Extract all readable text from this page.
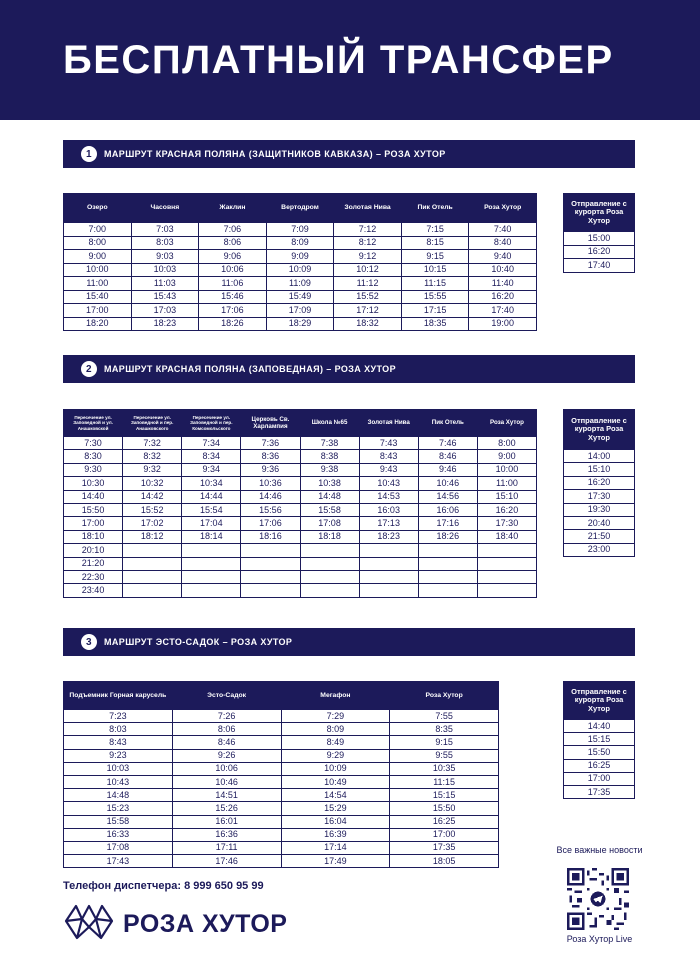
БЕСПЛАТНЫЙ ТРАНСФЕР
1	МАРШРУТ КРАСНАЯ ПОЛЯНА (ЗАЩИТНИКОВ КАВКАЗА) – РОЗА ХУТОР
Озеро	Часовня	Жаклин	Вертодром	Золотая Нива	Пик Отель	Роза Хутор
7:00	7:03	7:06	7:09	7:12	7:15	7:40
8:00	8:03	8:06	8:09	8:12	8:15	8:40
9:00	9:03	9:06	9:09	9:12	9:15	9:40
10:00	10:03	10:06	10:09	10:12	10:15	10:40
11:00	11:03	11:06	11:09	11:12	11:15	11:40
15:40	15:43	15:46	15:49	15:52	15:55	16:20
17:00	17:03	17:06	17:09	17:12	17:15	17:40
18:20	18:23	18:26	18:29	18:32	18:35	19:00
Отправление с курорта Роза Хутор
15:00
16:20
17:40
2	МАРШРУТ КРАСНАЯ ПОЛЯНА (ЗАПОВЕДНАЯ) – РОЗА ХУТОР
Пересечение ул. Заповедной и ул. Анашковской	Пересечение ул. Заповедной и пер. Анашковского	Пересечение ул. Заповедной и пер. Комсомольского	Церковь Св. Харлампия	Школа №65	Золотая Нива	Пик Отель	Роза Хутор
7:30	7:32	7:34	7:36	7:38	7:43	7:46	8:00
8:30	8:32	8:34	8:36	8:38	8:43	8:46	9:00
9:30	9:32	9:34	9:36	9:38	9:43	9:46	10:00
10:30	10:32	10:34	10:36	10:38	10:43	10:46	11:00
14:40	14:42	14:44	14:46	14:48	14:53	14:56	15:10
15:50	15:52	15:54	15:56	15:58	16:03	16:06	16:20
17:00	17:02	17:04	17:06	17:08	17:13	17:16	17:30
18:10	18:12	18:14	18:16	18:18	18:23	18:26	18:40
20:10							
21:20							
22:30							
23:40							
Отправление с курорта Роза Хутор
14:00
15:10
16:20
17:30
19:30
20:40
21:50
23:00
3	МАРШРУТ ЭСТО-САДОК – РОЗА ХУТОР
Подъемник Горная карусель	Эсто-Садок	Мегафон	Роза Хутор
7:23	7:26	7:29	7:55
8:03	8:06	8:09	8:35
8:43	8:46	8:49	9:15
9:23	9:26	9:29	9:55
10:03	10:06	10:09	10:35
10:43	10:46	10:49	11:15
14:48	14:51	14:54	15:15
15:23	15:26	15:29	15:50
15:58	16:01	16:04	16:25
16:33	16:36	16:39	17:00
17:08	17:11	17:14	17:35
17:43	17:46	17:49	18:05
Отправление с курорта Роза Хутор
14:40
15:15
15:50
16:25
17:00
17:35
Телефон диспетчера: 8 999 650 95 99
РОЗА ХУТОР
Все важные новости
Роза Хутор Live
